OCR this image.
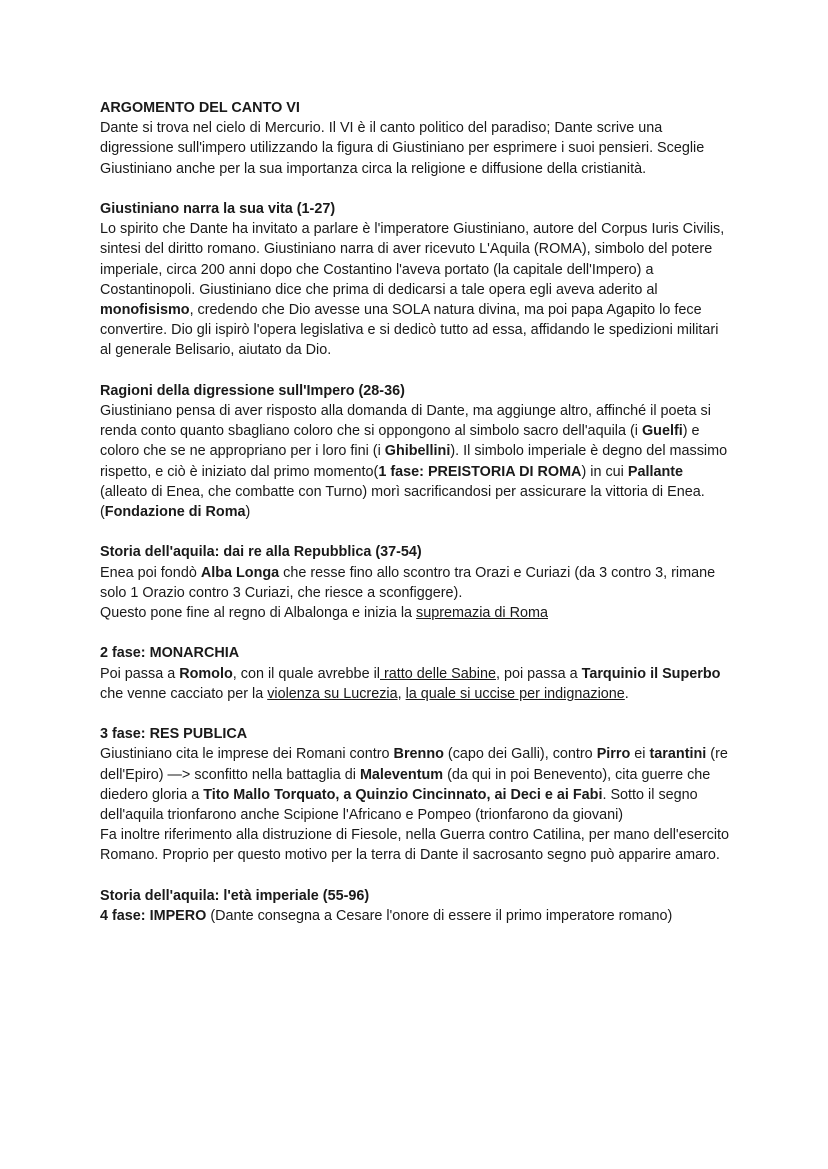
ARGOMENTO DEL CANTO VI

Dante si trova nel cielo di Mercurio. Il VI è il canto politico del paradiso; Dante scrive una digressione sull'impero utilizzando la figura di Giustiniano per esprimere i suoi pensieri. Sceglie Giustiniano anche per la sua importanza circa la religione e diffusione della cristianità.

Giustiniano narra la sua vita (1-27)

Lo spirito che Dante ha invitato a parlare è l'imperatore Giustiniano, autore del Corpus Iuris Civilis, sintesi del diritto romano. Giustiniano narra di aver ricevuto L'Aquila (ROMA), simbolo del potere imperiale, circa 200 anni dopo che Costantino l'aveva portato (la capitale dell'Impero) a Costantinopoli. Giustiniano dice che prima di dedicarsi a tale opera egli aveva aderito al monofisismo, credendo che Dio avesse una SOLA natura divina, ma poi papa Agapito lo fece convertire. Dio gli ispirò l'opera legislativa e si dedicò tutto ad essa, affidando le spedizioni militari al generale Belisario, aiutato da Dio.

Ragioni della digressione sull'Impero (28-36)

Giustiniano pensa di aver risposto alla domanda di Dante, ma aggiunge altro, affinché il poeta si renda conto quanto sbagliano coloro che si oppongono al simbolo sacro dell'aquila (i Guelfi) e coloro che se ne appropriano per i loro fini (i Ghibellini). Il simbolo imperiale è degno del massimo rispetto, e ciò è iniziato dal primo momento(1 fase: PREISTORIA DI ROMA) in cui Pallante (alleato di Enea, che combatte con Turno) morì sacrificandosi per assicurare la vittoria di Enea. (Fondazione di Roma)

Storia dell'aquila: dai re alla Repubblica (37-54)

Enea poi fondò Alba Longa che resse fino allo scontro tra Orazi e Curiazi (da 3 contro 3, rimane solo 1 Orazio contro 3 Curiazi, che riesce a sconfiggere).

Questo pone fine al regno di Albalonga e inizia la supremazia di Roma

2 fase: MONARCHIA

Poi passa a Romolo, con il quale avrebbe il ratto delle Sabine, poi passa a Tarquinio il Superbo che venne cacciato per la violenza su Lucrezia, la quale si uccise per indignazione.

3 fase: RES PUBLICA

Giustiniano cita le imprese dei Romani contro Brenno (capo dei Galli), contro Pirro ei tarantini (re dell'Epiro) —> sconfitto nella battaglia di Maleventum (da qui in poi Benevento), cita guerre che diedero gloria a Tito Mallo Torquato, a Quinzio Cincinnato, ai Deci e ai Fabi. Sotto il segno dell'aquila trionfarono anche Scipione l'Africano e Pompeo (trionfarono da giovani)

Fa inoltre riferimento alla distruzione di Fiesole, nella Guerra contro Catilina, per mano dell'esercito Romano. Proprio per questo motivo per la terra di Dante il sacrosanto segno può apparire amaro.

Storia dell'aquila: l'età imperiale (55-96)

4 fase: IMPERO (Dante consegna a Cesare l'onore di essere il primo imperatore romano)
